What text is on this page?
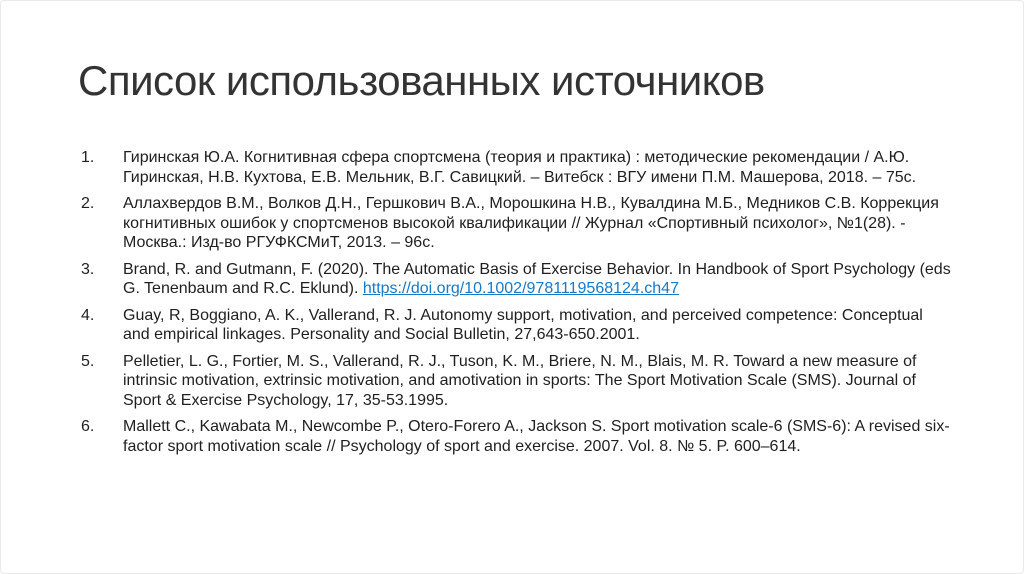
Список использованных источников
1.	Гиринская Ю.А. Когнитивная сфера спортсмена (теория и практика) : методические рекомендации / А.Ю. Гиринская, Н.В. Кухтова, Е.В. Мельник, В.Г. Савицкий. – Витебск : ВГУ имени П.М. Машерова, 2018. – 75с.
2.	Аллахвердов В.М., Волков Д.Н., Гершкович В.А., Морошкина Н.В., Кувалдина М.Б., Медников С.В. Коррекция когнитивных ошибок у спортсменов высокой квалификации // Журнал «Спортивный психолог», №1(28). - Москва.: Изд-во РГУФКСМиТ, 2013. – 96с.
3.	Brand, R. and Gutmann, F. (2020). The Automatic Basis of Exercise Behavior. In Handbook of Sport Psychology (eds G. Tenenbaum and R.C. Eklund). https://doi.org/10.1002/9781119568124.ch47
4.	Guay, R, Boggiano, A. K., Vallerand, R. J. Autonomy support, motivation, and perceived competence: Conceptual and empirical linkages. Personality and Social Bulletin, 27,643-650.2001.
5.	Pelletier, L. G., Fortier, M. S., Vallerand, R. J., Tuson, K. M., Briere, N. M., Blais, M. R. Toward a new measure of intrinsic motivation, extrinsic motivation, and amotivation in sports: The Sport Motivation Scale (SMS). Journal of Sport & Exercise Psychology, 17, 35-53.1995.
6.	Mallett C., Kawabata M., Newcombe P., Otero-Forero A., Jackson S. Sport motivation scale-6 (SMS-6): A revised six-factor sport motivation scale // Psychology of sport and exercise. 2007. Vol. 8. № 5. P. 600–614.
